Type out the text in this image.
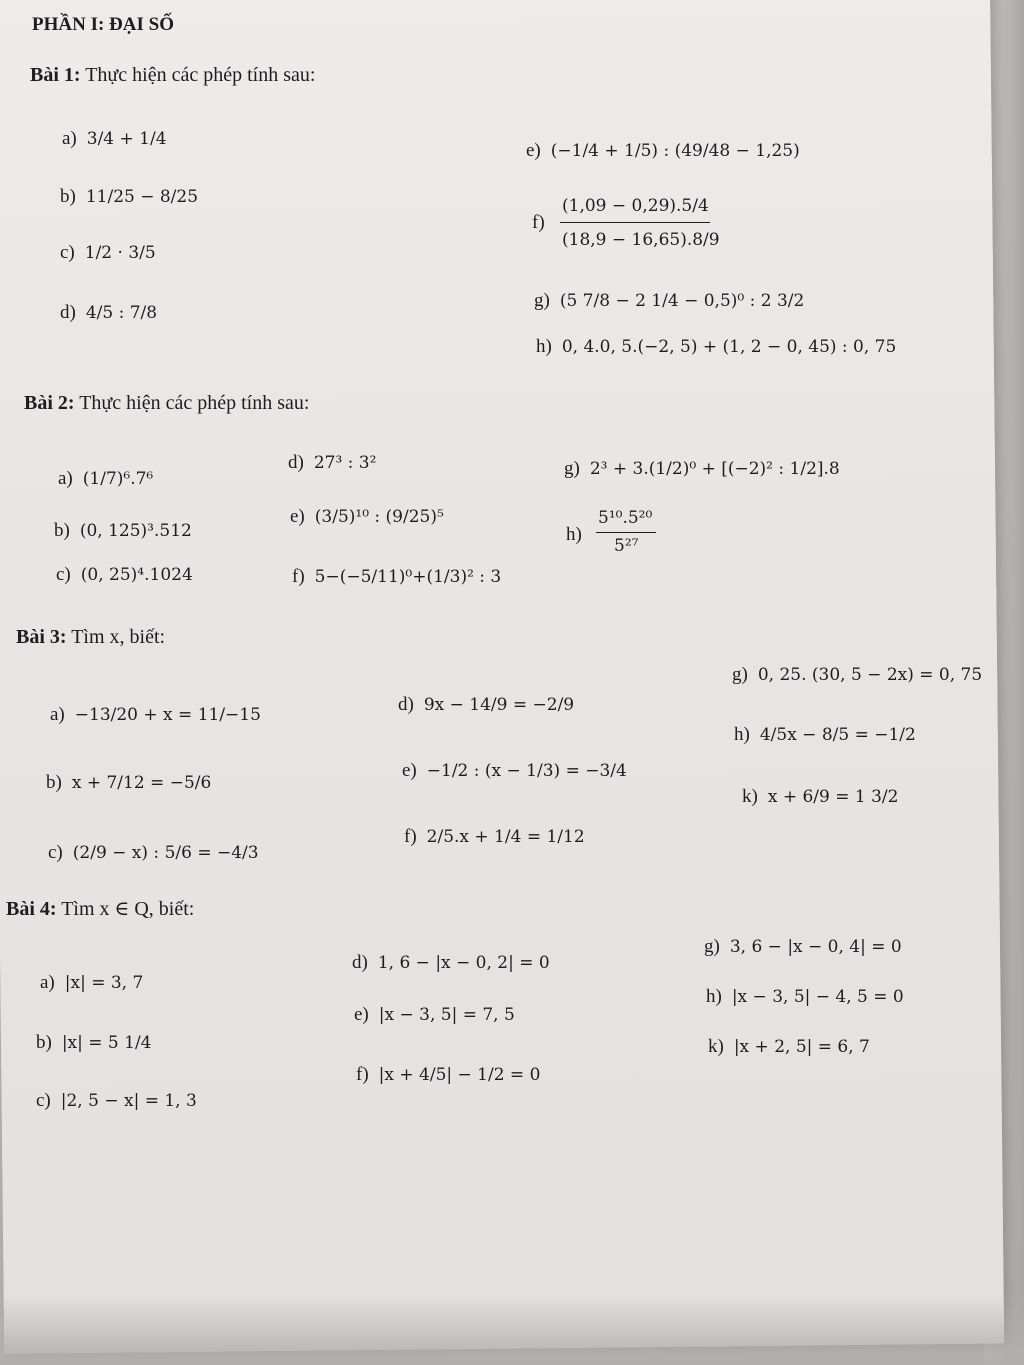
PHẦN I: ĐẠI SỐ
Bài 1: Thực hiện các phép tính sau:
a) 3/4 + 1/4
b) 11/25 − 8/25
c) 1/2 · 3/5
d) 4/5 : 7/8
e) (−1/4 + 1/5) : (49/48 − 1,25)
f)
(1,09 − 0,29).5/4
(18,9 − 16,65).8/9
g) (5 7/8 − 2 1/4 − 0,5)⁰ : 2 3/2
h) 0, 4.0, 5.(−2, 5) + (1, 2 − 0, 45) : 0, 75
Bài 2: Thực hiện các phép tính sau:
a) (1/7)⁶.7⁶
b) (0, 125)³.512
c) (0, 25)⁴.1024
d) 27³ : 3²
e) (3/5)¹⁰ : (9/25)⁵
f) 5−(−5/11)⁰+(1/3)² : 3
g) 2³ + 3.(1/2)⁰ + [(−2)² : 1/2].8
h)
5¹⁰.5²⁰
5²⁷
Bài 3: Tìm x, biết:
a) −13/20 + x = 11/−15
b) x + 7/12 = −5/6
c) (2/9 − x) : 5/6 = −4/3
d) 9x − 14/9 = −2/9
e) −1/2 : (x − 1/3) = −3/4
f) 2/5.x + 1/4 = 1/12
g) 0, 25. (30, 5 − 2x) = 0, 75
h) 4/5x − 8/5 = −1/2
k) x + 6/9 = 1 3/2
Bài 4: Tìm x ∈ Q, biết:
a) |x| = 3, 7
b) |x| = 5 1/4
c) |2, 5 − x| = 1, 3
d) 1, 6 − |x − 0, 2| = 0
e) |x − 3, 5| = 7, 5
f) |x + 4/5| − 1/2 = 0
g) 3, 6 − |x − 0, 4| = 0
h) |x − 3, 5| − 4, 5 = 0
k) |x + 2, 5| = 6, 7
